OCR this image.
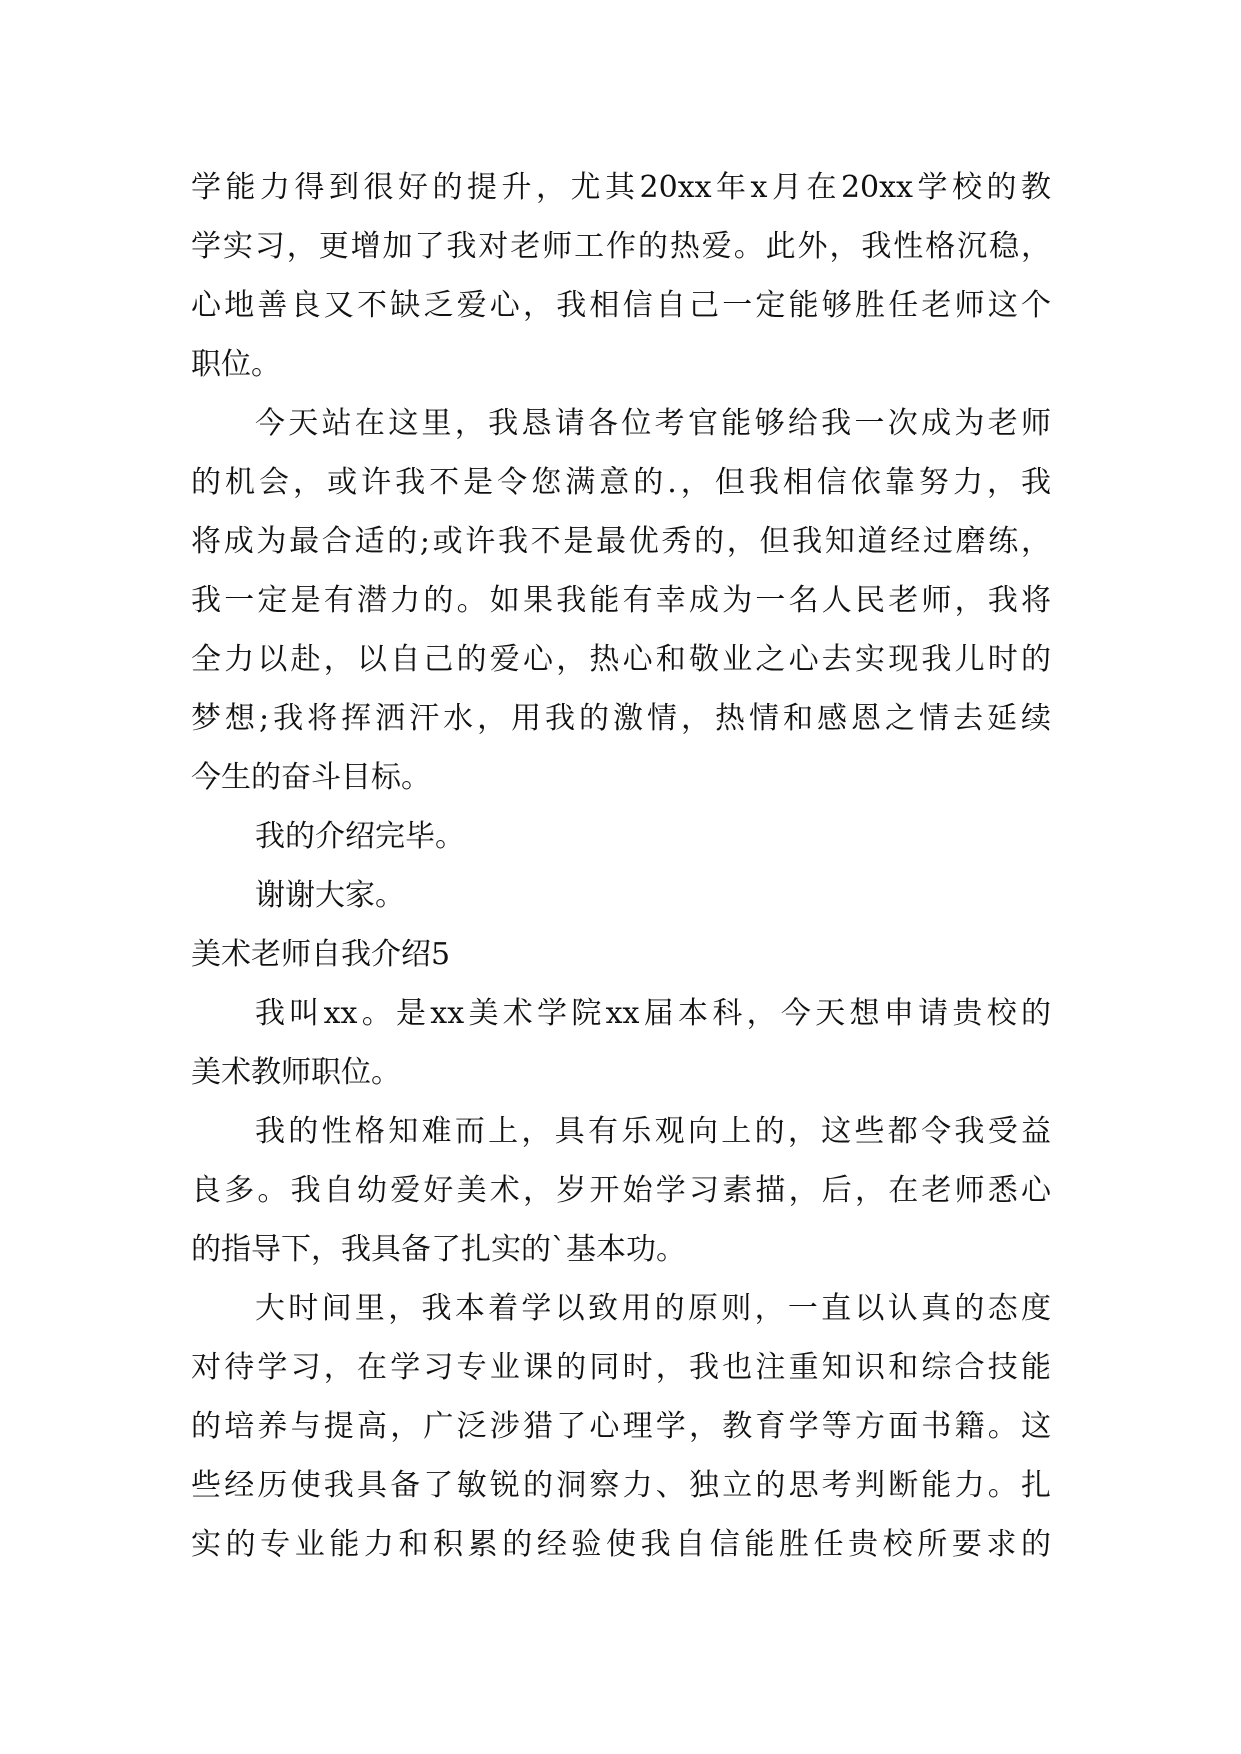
学能力得到很好的提升，尤其20xx年x月在20xx学校的教
学实习，更增加了我对老师工作的热爱。此外，我性格沉稳，
心地善良又不缺乏爱心，我相信自己一定能够胜任老师这个
职位。
今天站在这里，我恳请各位考官能够给我一次成为老师
的机会，或许我不是令您满意的.，但我相信依靠努力，我
将成为最合适的;或许我不是最优秀的，但我知道经过磨练，
我一定是有潜力的。如果我能有幸成为一名人民老师，我将
全力以赴，以自己的爱心，热心和敬业之心去实现我儿时的
梦想;我将挥洒汗水，用我的激情，热情和感恩之情去延续
今生的奋斗目标。
我的介绍完毕。
谢谢大家。
美术老师自我介绍5
我叫xx。是xx美术学院xx届本科，今天想申请贵校的
美术教师职位。
我的性格知难而上，具有乐观向上的，这些都令我受益
良多。我自幼爱好美术，岁开始学习素描，后，在老师悉心
的指导下，我具备了扎实的`基本功。
大时间里，我本着学以致用的原则，一直以认真的态度
对待学习，在学习专业课的同时，我也注重知识和综合技能
的培养与提高，广泛涉猎了心理学，教育学等方面书籍。这
些经历使我具备了敏锐的洞察力、独立的思考判断能力。扎
实的专业能力和积累的经验使我自信能胜任贵校所要求的
